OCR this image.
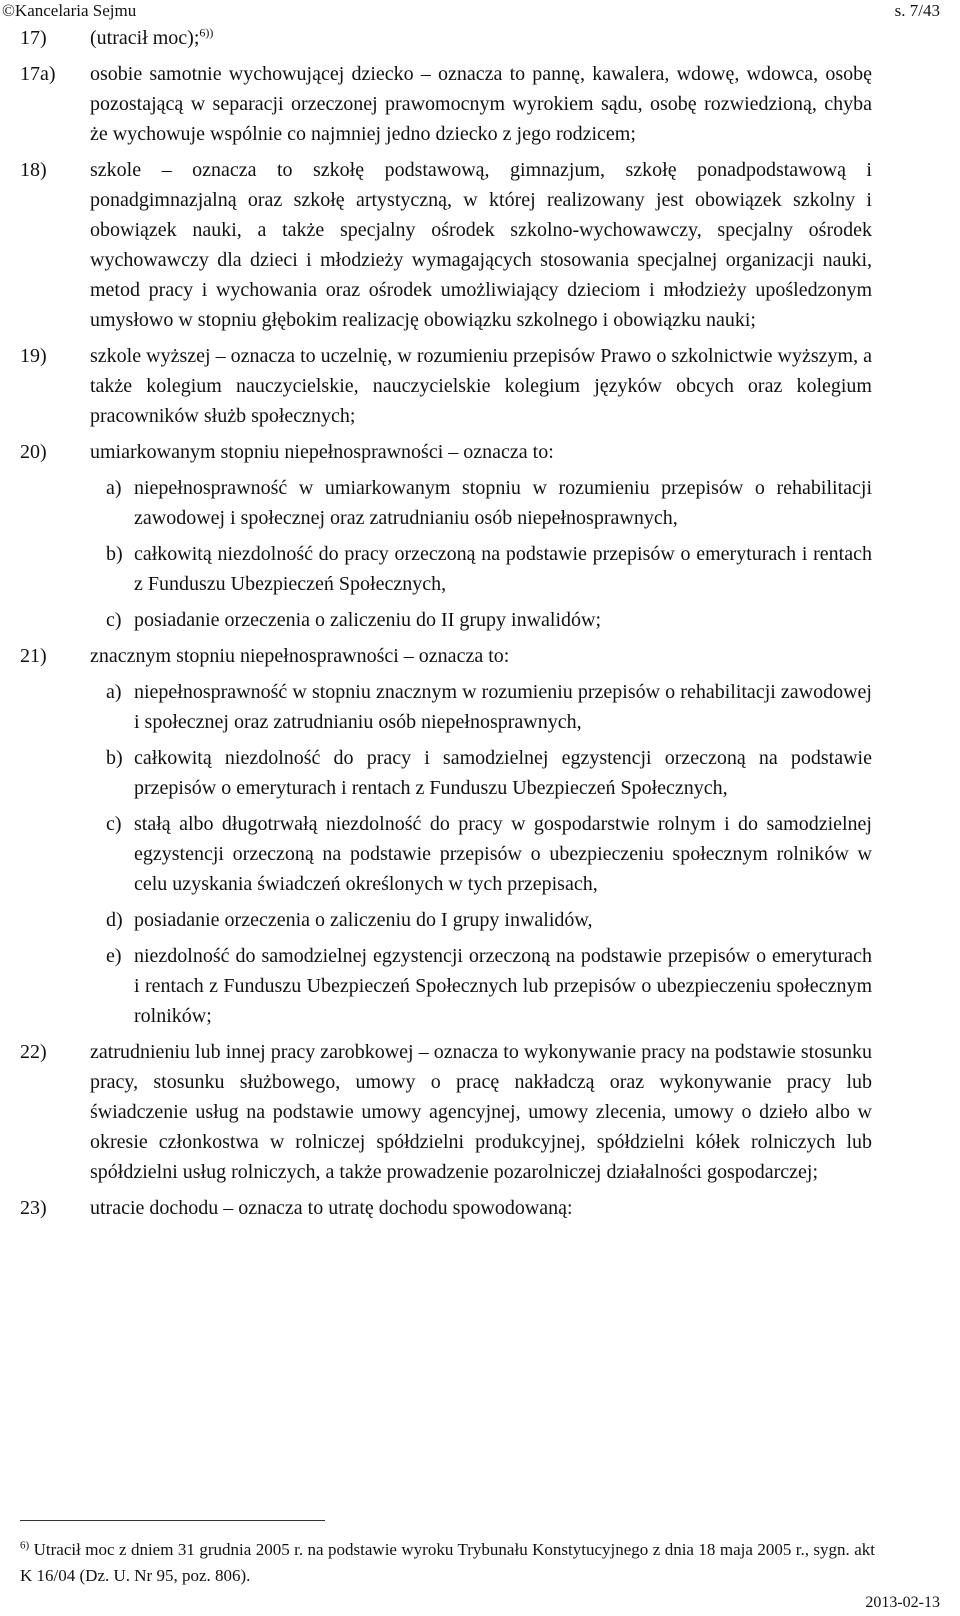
©Kancelaria Sejmu	s. 7/43
17) (utracił moc);$^{6))}$
17a) osobie samotnie wychowującej dziecko – oznacza to pannę, kawalera, wdowę, wdowca, osobę pozostającą w separacji orzeczonej prawomocnym wyrokiem sądu, osobę rozwiedzioną, chyba że wychowuje wspólnie co najmniej jedno dziecko z jego rodzicem;
18) szkole – oznacza to szkołę podstawową, gimnazjum, szkołę ponadpodstawową i ponadgimnazjalną oraz szkołę artystyczną, w której realizowany jest obowiązek szkolny i obowiązek nauki, a także specjalny ośrodek szkolno-wychowawczy, specjalny ośrodek wychowawczy dla dzieci i młodzieży wymagających stosowania specjalnej organizacji nauki, metod pracy i wychowania oraz ośrodek umożliwiający dzieciom i młodzieży upośledzonym umysłowo w stopniu głębokim realizację obowiązku szkolnego i obowiązku nauki;
19) szkole wyższej – oznacza to uczelnię, w rozumieniu przepisów Prawo o szkolnictwie wyższym, a także kolegium nauczycielskie, nauczycielskie kolegium języków obcych oraz kolegium pracowników służb społecznych;
20) umiarkowanym stopniu niepełnosprawności – oznacza to:
a) niepełnosprawność w umiarkowanym stopniu w rozumieniu przepisów o rehabilitacji zawodowej i społecznej oraz zatrudnianiu osób niepełnosprawnych,
b) całkowitą niezdolność do pracy orzeczoną na podstawie przepisów o emeryturach i rentach z Funduszu Ubezpieczeń Społecznych,
c) posiadanie orzeczenia o zaliczeniu do II grupy inwalidów;
21) znacznym stopniu niepełnosprawności – oznacza to:
a) niepełnosprawność w stopniu znacznym w rozumieniu przepisów o rehabilitacji zawodowej i społecznej oraz zatrudnianiu osób niepełnosprawnych,
b) całkowitą niezdolność do pracy i samodzielnej egzystencji orzeczoną na podstawie przepisów o emeryturach i rentach z Funduszu Ubezpieczeń Społecznych,
c) stałą albo długotrwałą niezdolność do pracy w gospodarstwie rolnym i do samodzielnej egzystencji orzeczoną na podstawie przepisów o ubezpieczeniu społecznym rolników w celu uzyskania świadczeń określonych w tych przepisach,
d) posiadanie orzeczenia o zaliczeniu do I grupy inwalidów,
e) niezdolność do samodzielnej egzystencji orzeczoną na podstawie przepisów o emeryturach i rentach z Funduszu Ubezpieczeń Społecznych lub przepisów o ubezpieczeniu społecznym rolników;
22) zatrudnieniu lub innej pracy zarobkowej – oznacza to wykonywanie pracy na podstawie stosunku pracy, stosunku służbowego, umowy o pracę nakładczą oraz wykonywanie pracy lub świadczenie usług na podstawie umowy agencyjnej, umowy zlecenia, umowy o dzieło albo w okresie członkostwa w rolniczej spółdzielni produkcyjnej, spółdzielni kółek rolniczych lub spółdzielni usług rolniczych, a także prowadzenie pozarolniczej działalności gospodarczej;
23) utracie dochodu – oznacza to utratę dochodu spowodowaną:
$^{6)}$ Utracił moc z dniem 31 grudnia 2005 r. na podstawie wyroku Trybunału Konstytucyjnego z dnia 18 maja 2005 r., sygn. akt K 16/04 (Dz. U. Nr 95, poz. 806).
2013-02-13
